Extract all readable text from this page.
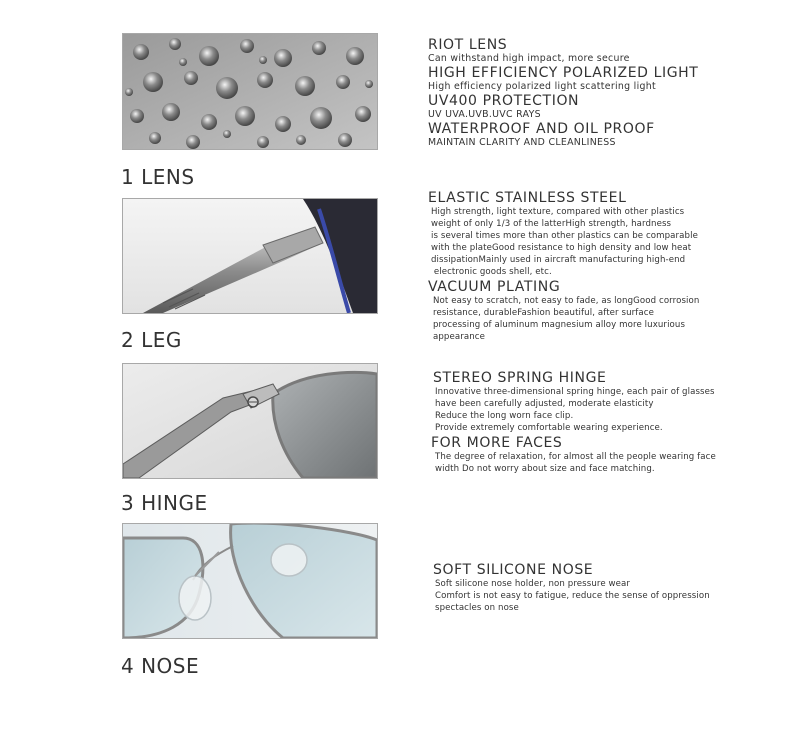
1 LENS
RIOT LENS
Can withstand high impact, more secure
HIGH EFFICIENCY POLARIZED LIGHT
High efficiency polarized light scattering light
UV400 PROTECTION
UV UVA.UVB.UVC RAYS
WATERPROOF AND OIL PROOF
MAINTAIN CLARITY AND CLEANLINESS
2 LEG
ELASTIC STAINLESS STEEL
High strength, light texture, compared with other plastics
weight of only 1/3 of the latterHigh strength, hardness
is several times more than other plastics can be comparable
with the plateGood resistance to high density and low heat
dissipationMainly used in aircraft manufacturing high-end
electronic goods shell, etc.
VACUUM PLATING
Not easy to scratch, not easy to fade, as longGood corrosion
resistance, durableFashion beautiful, after surface
processing of aluminum magnesium alloy more luxurious
appearance
3 HINGE
STEREO SPRING HINGE
Innovative three-dimensional spring hinge, each pair of glasses
have been carefully adjusted, moderate elasticity
Reduce the long worn face clip.
Provide extremely comfortable wearing experience.
FOR MORE FACES
The degree of relaxation, for almost all the people wearing face
width Do not worry about size and face matching.
4 NOSE
SOFT SILICONE NOSE
Soft silicone nose holder, non pressure wear
Comfort is not easy to fatigue, reduce the sense of oppression
spectacles on nose
